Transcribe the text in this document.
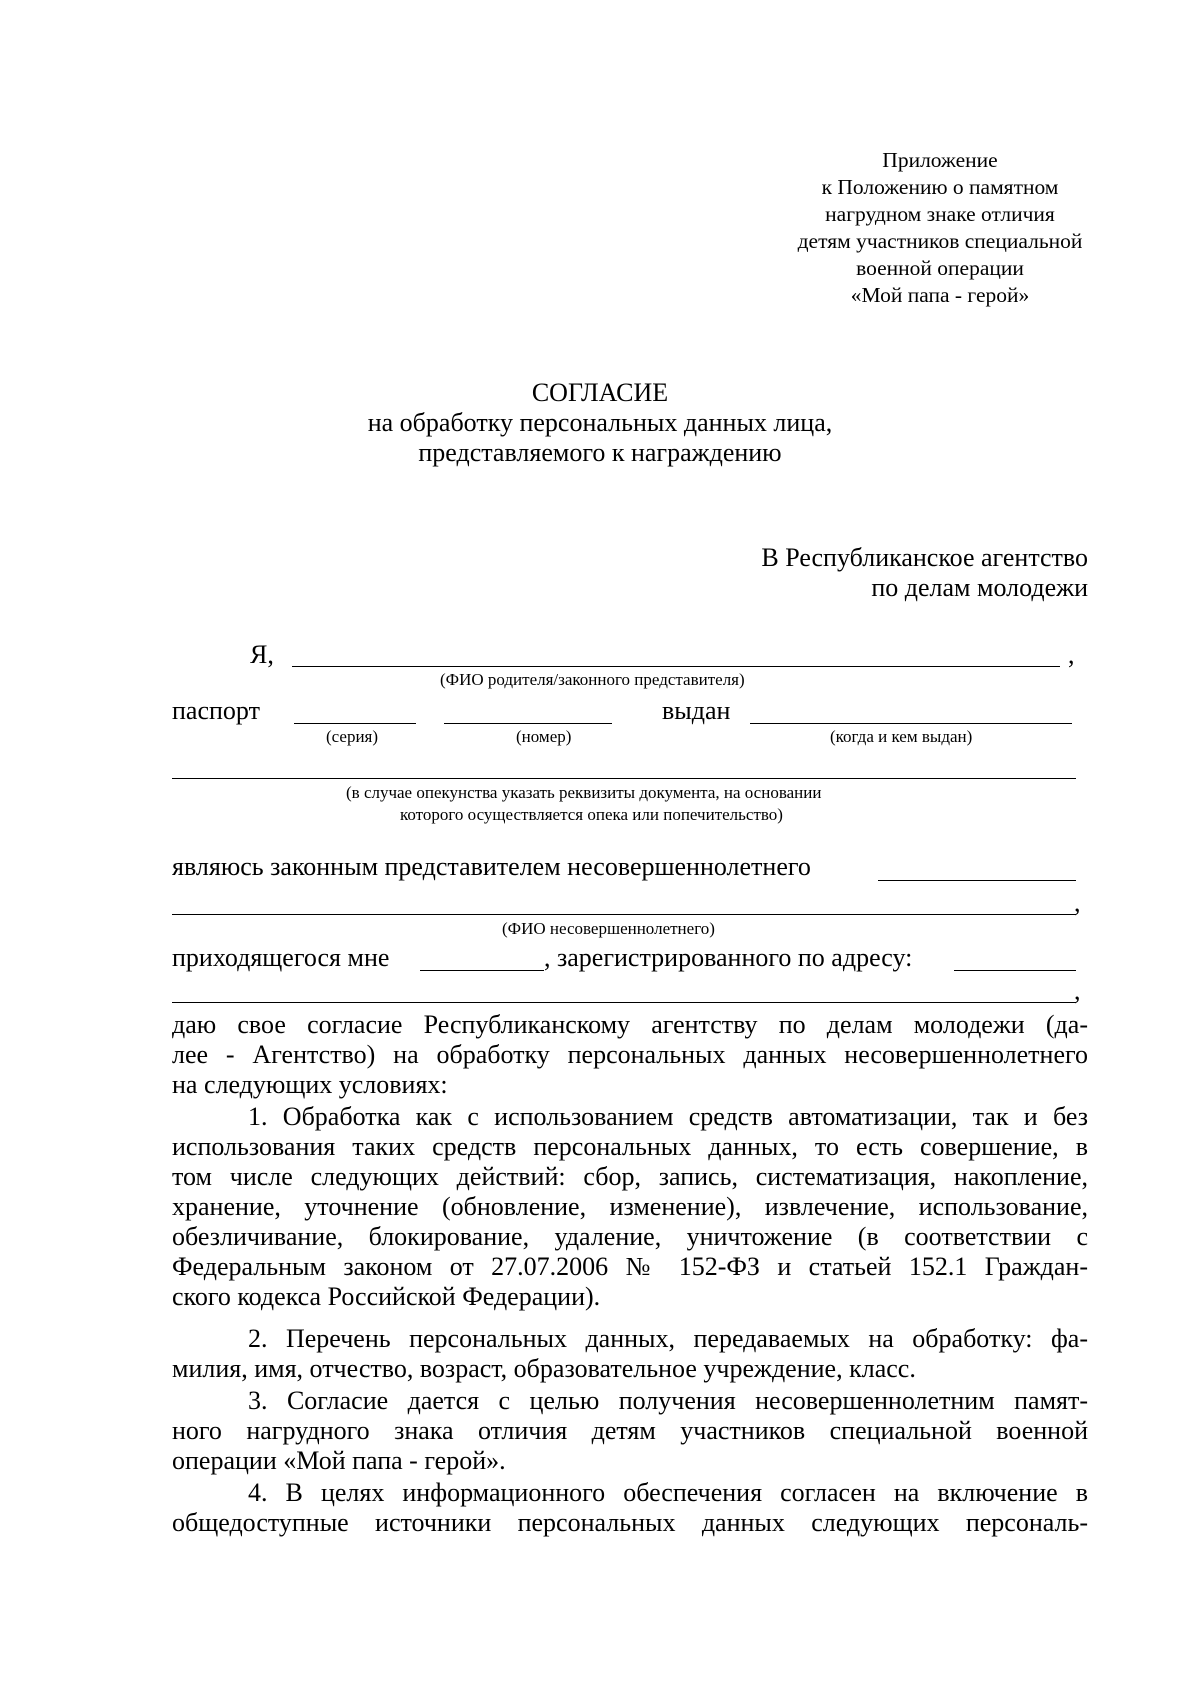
Приложение
к Положению о памятном
нагрудном знаке отличия
детям участников специальной
военной операции
«Мой папа - герой»
СОГЛАСИЕ
на обработку персональных данных лица,
представляемого к награждению
В Республиканское агентство
по делам молодежи
Я,	,
(ФИО родителя/законного представителя)
паспорт	выдан
(серия)	(номер)	(когда и кем выдан)
(в случае опекунства указать реквизиты документа, на основании
которого осуществляется опека или попечительство)
являюсь законным представителем несовершеннолетнего
,
(ФИО несовершеннолетнего)
приходящегося мне	, зарегистрированного по адресу:
,
даю свое согласие Республиканскому агентству по делам молодежи (да-
лее - Агентство) на обработку персональных данных несовершеннолетнего
на следующих условиях:
1. Обработка как с использованием средств автоматизации, так и без
использования таких средств персональных данных, то есть совершение, в
том числе следующих действий: сбор, запись, систематизация, накопление,
хранение, уточнение (обновление, изменение), извлечение, использование,
обезличивание, блокирование, удаление, уничтожение (в соответствии с
Федеральным законом от 27.07.2006 № 152-ФЗ и статьей 152.1 Граждан-
ского кодекса Российской Федерации).
2. Перечень персональных данных, передаваемых на обработку: фа-
милия, имя, отчество, возраст, образовательное учреждение, класс.
3. Согласие дается с целью получения несовершеннолетним памят-
ного нагрудного знака отличия детям участников специальной военной
операции «Мой папа - герой».
4. В целях информационного обеспечения согласен на включение в
общедоступные источники персональных данных следующих персональ-
